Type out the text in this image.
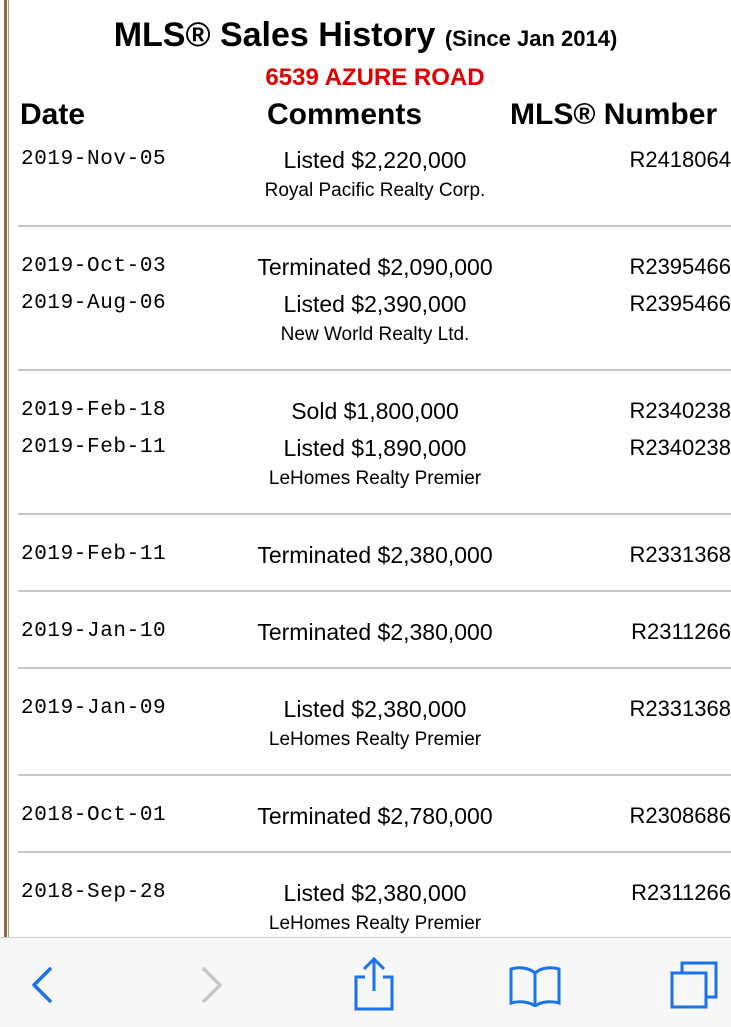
MLS® Sales History (Since Jan 2014)
6539 AZURE ROAD
Date	Comments	MLS® Number
2019-Nov-05	Listed $2,220,000	R2418064
Royal Pacific Realty Corp.
2019-Oct-03	Terminated $2,090,000	R2395466
2019-Aug-06	Listed $2,390,000	R2395466
New World Realty Ltd.
2019-Feb-18	Sold $1,800,000	R2340238
2019-Feb-11	Listed $1,890,000	R2340238
LeHomes Realty Premier
2019-Feb-11	Terminated $2,380,000	R2331368
2019-Jan-10	Terminated $2,380,000	R2311266
2019-Jan-09	Listed $2,380,000	R2331368
LeHomes Realty Premier
2018-Oct-01	Terminated $2,780,000	R2308686
2018-Sep-28	Listed $2,380,000	R2311266
LeHomes Realty Premier
